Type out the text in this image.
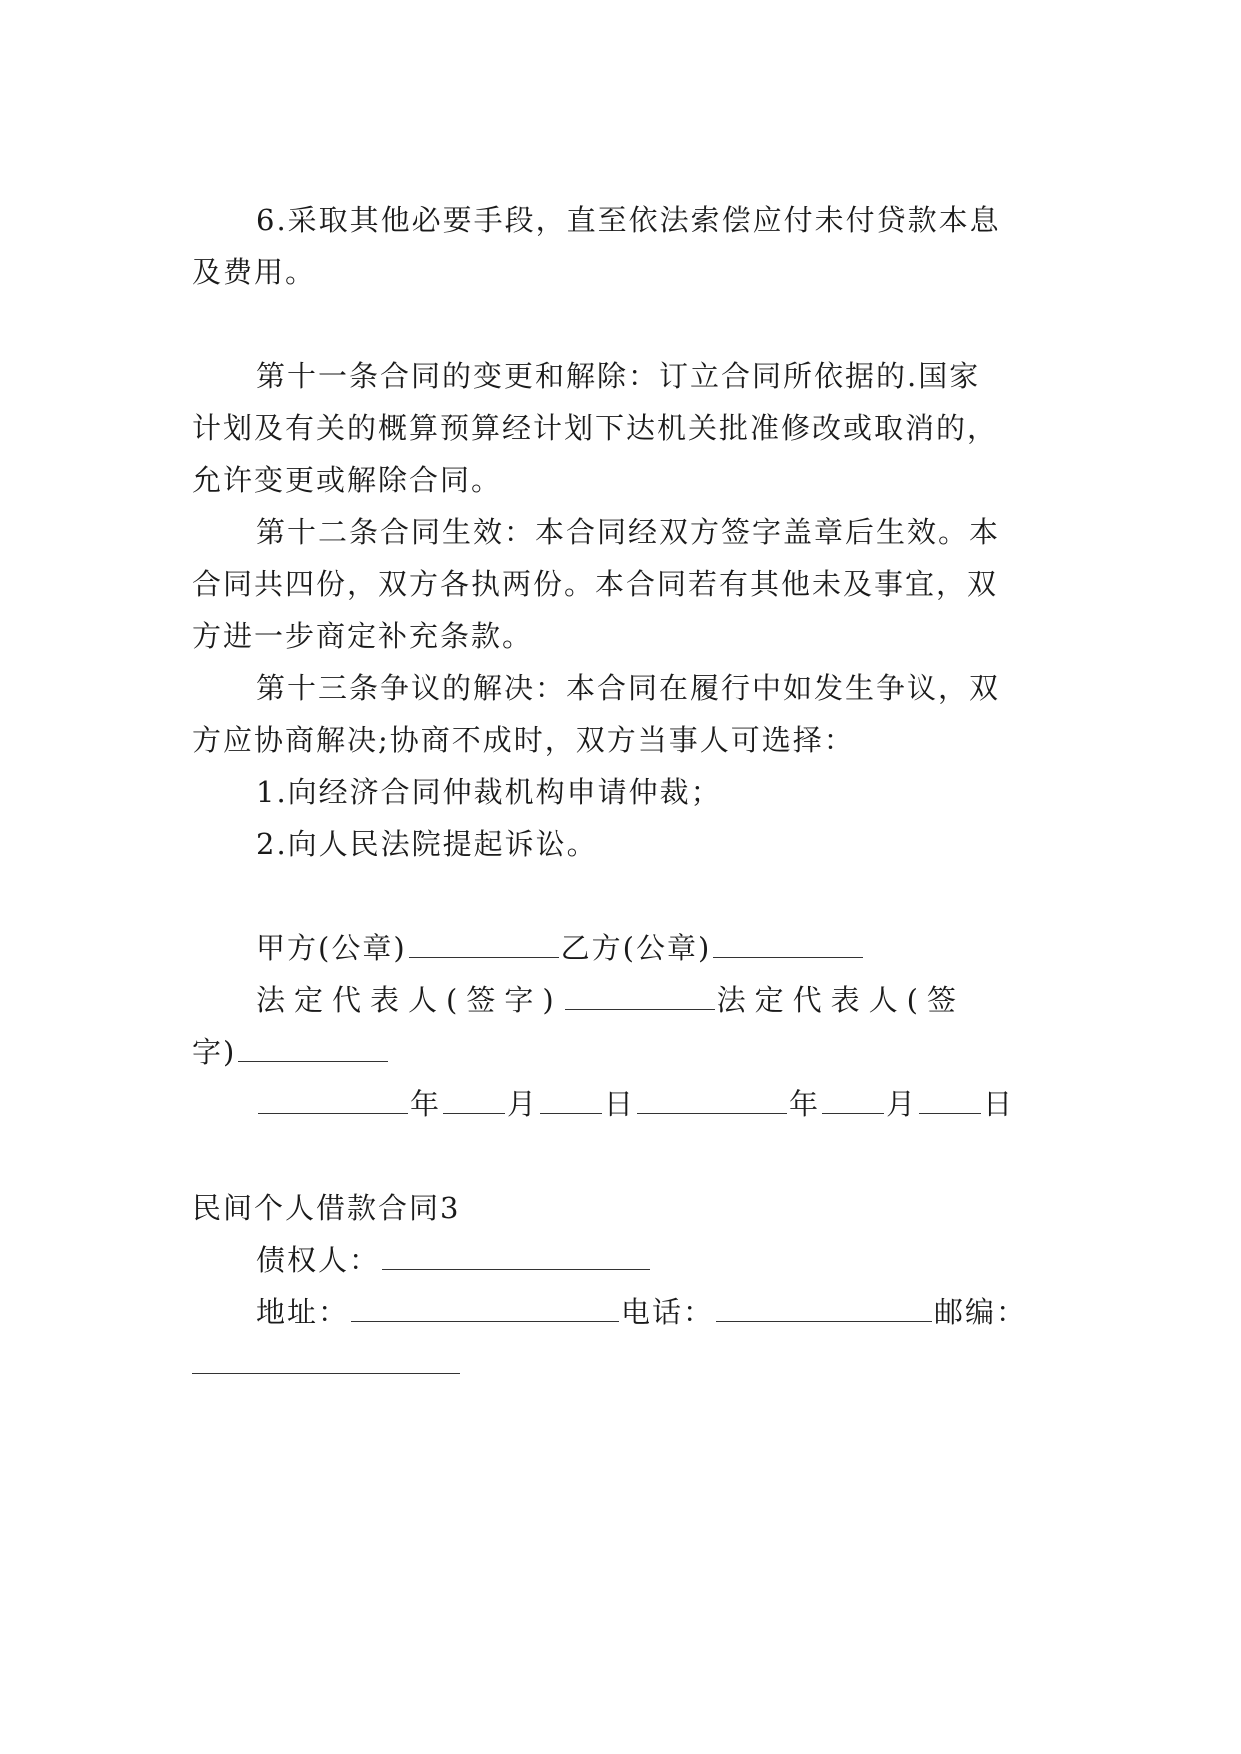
6.采取其他必要手段，直至依法索偿应付未付贷款本息
及费用。
第十一条合同的变更和解除：订立合同所依据的.国家
计划及有关的概算预算经计划下达机关批准修改或取消的，
允许变更或解除合同。
第十二条合同生效：本合同经双方签字盖章后生效。本
合同共四份，双方各执两份。本合同若有其他未及事宜，双
方进一步商定补充条款。
第十三条争议的解决：本合同在履行中如发生争议，双
方应协商解决;协商不成时，双方当事人可选择：
1.向经济合同仲裁机构申请仲裁；
2.向人民法院提起诉讼。
甲方(公章)	乙方(公章)
法定代表人(签字)	法定代表人(签
字)
年 月 日	年 月 日
民间个人借款合同3
债权人：
地址：	电话：	邮编：
